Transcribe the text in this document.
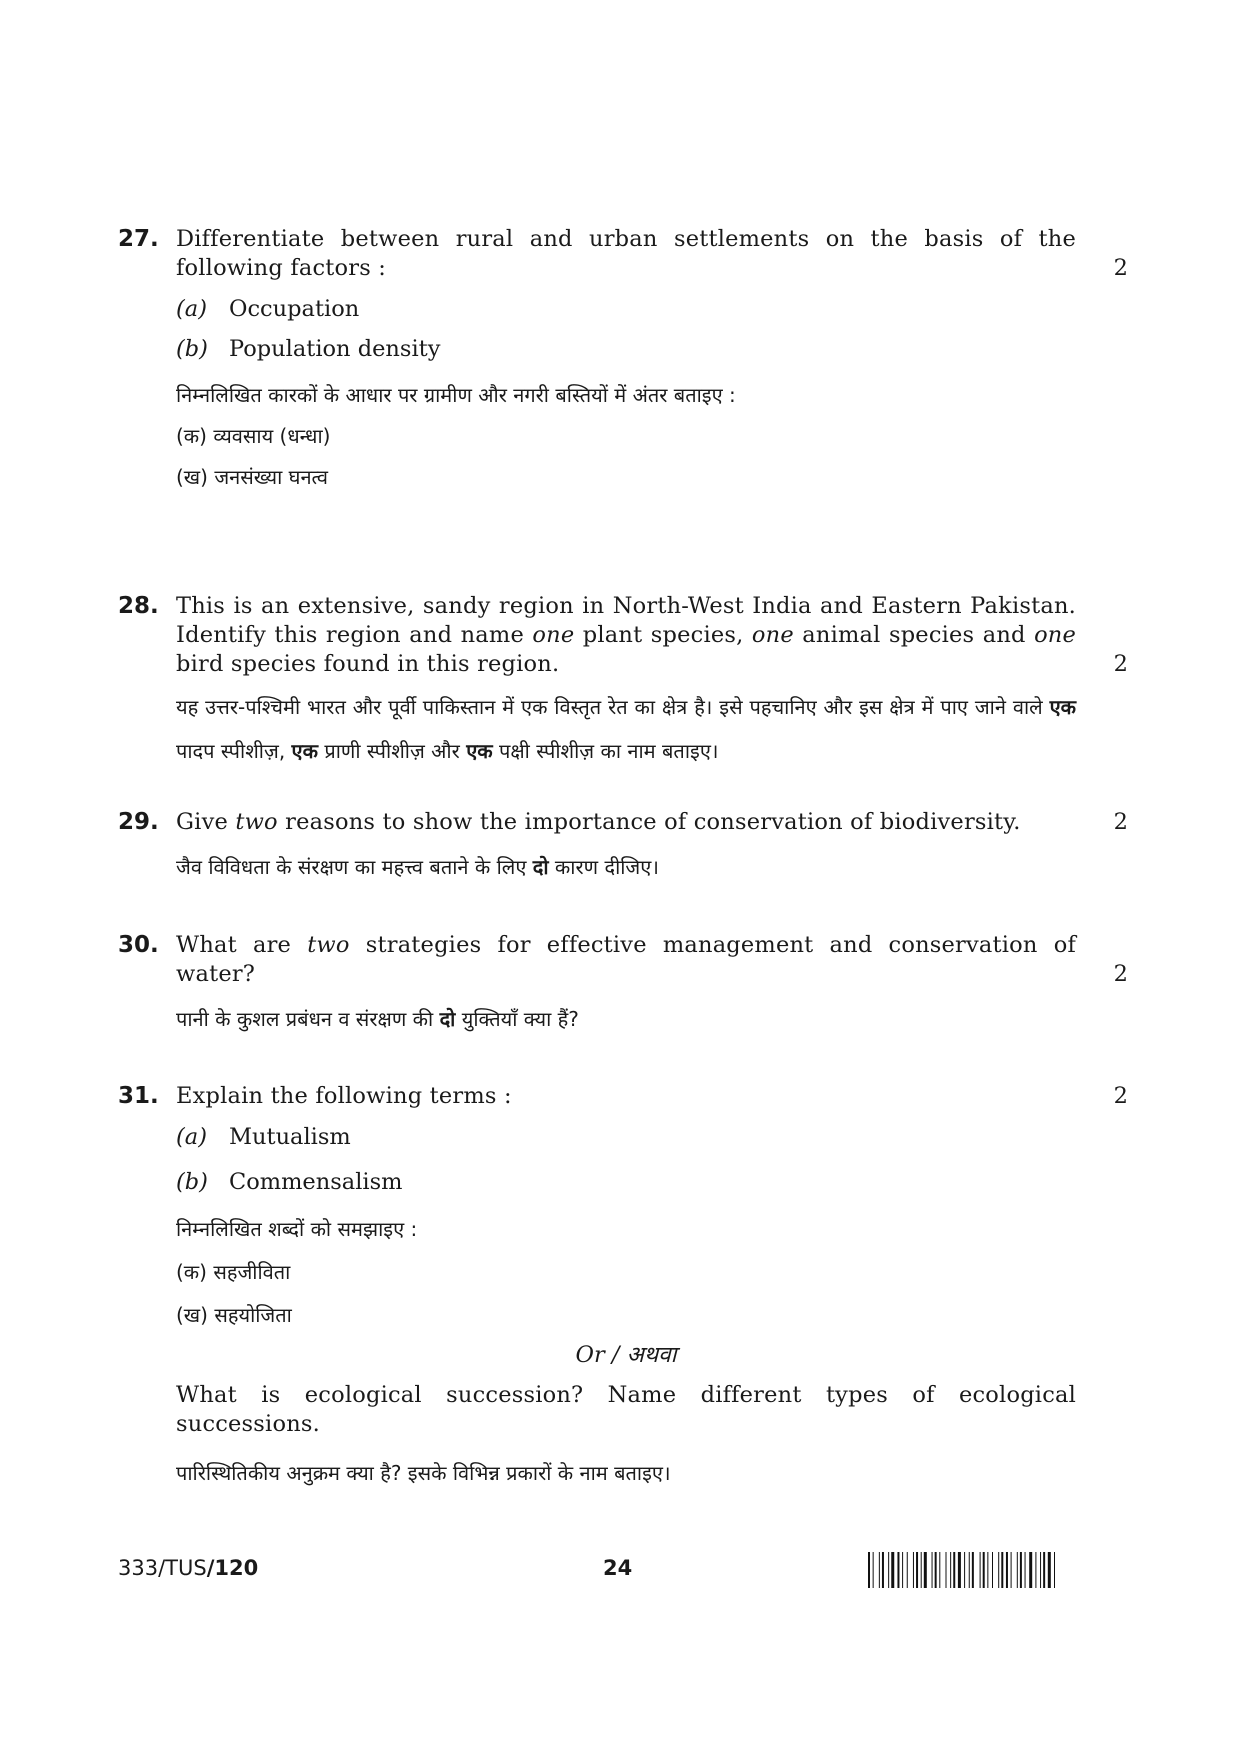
27. Differentiate between rural and urban settlements on the basis of the following factors :	2

(a) Occupation

(b) Population density

निम्नलिखित कारकों के आधार पर ग्रामीण और नगरी बस्तियों में अंतर बताइए :

(क) व्यवसाय (धन्धा)

(ख) जनसंख्या घनत्व

28. This is an extensive, sandy region in North-West India and Eastern Pakistan. Identify this region and name one plant species, one animal species and one bird species found in this region.	2

यह उत्तर-पश्चिमी भारत और पूर्वी पाकिस्तान में एक विस्तृत रेत का क्षेत्र है। इसे पहचानिए और इस क्षेत्र में पाए जाने वाले एक पादप स्पीशीज़, एक प्राणी स्पीशीज़ और एक पक्षी स्पीशीज़ का नाम बताइए।

29. Give two reasons to show the importance of conservation of biodiversity.	2

जैव विविधता के संरक्षण का महत्त्व बताने के लिए दो कारण दीजिए।

30. What are two strategies for effective management and conservation of water?	2

पानी के कुशल प्रबंधन व संरक्षण की दो युक्तियाँ क्या हैं?

31. Explain the following terms :	2

(a) Mutualism

(b) Commensalism

निम्नलिखित शब्दों को समझाइए :

(क) सहजीविता

(ख) सहयोजिता

Or / अथवा

What is ecological succession? Name different types of ecological successions.

पारिस्थितिकीय अनुक्रम क्या है? इसके विभिन्न प्रकारों के नाम बताइए।

333/TUS/120	24
